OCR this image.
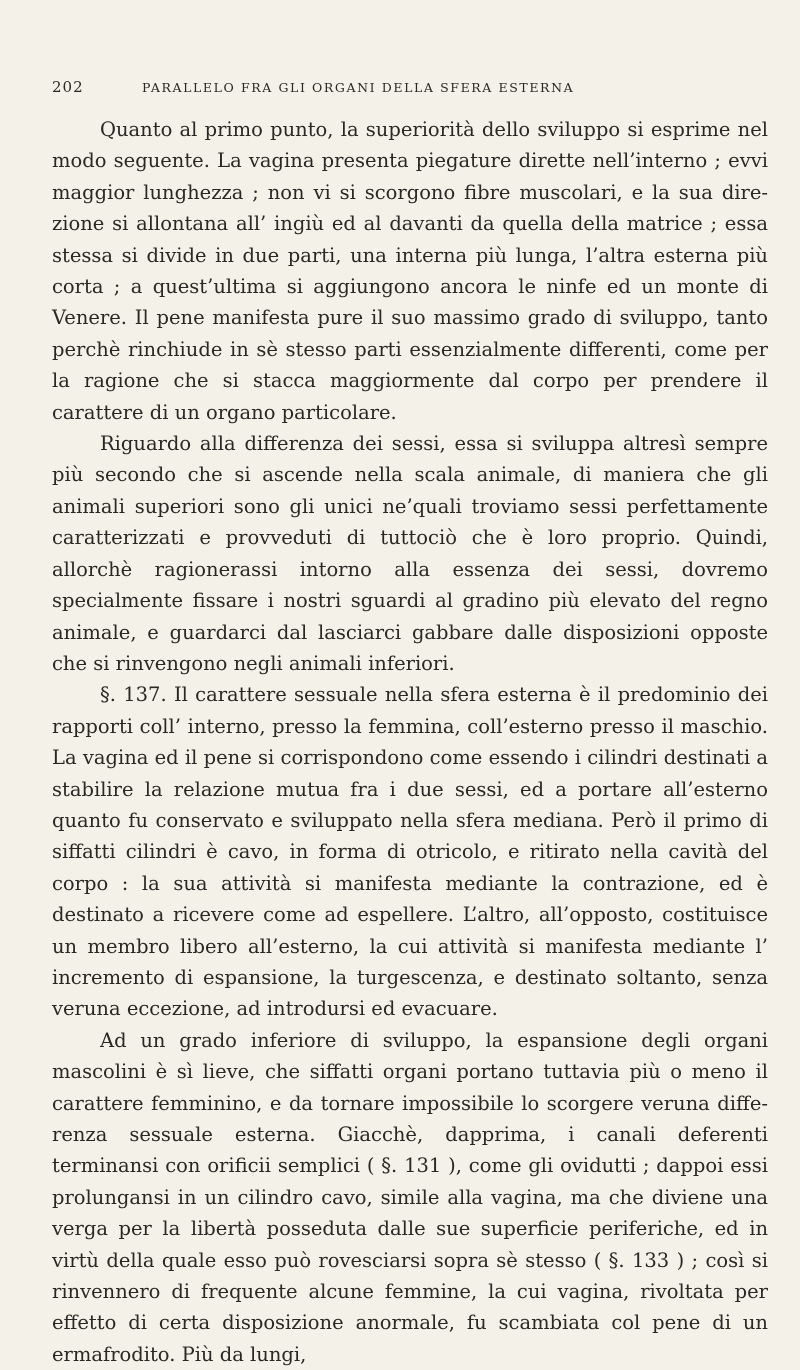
202	PARALLELO FRA GLI ORGANI DELLA SFERA ESTERNA

Quanto al primo punto, la superiorità dello sviluppo si esprime nel modo seguente. La vagina presenta piegature dirette nell’interno ; evvi maggior lunghezza ; non vi si scorgono fibre muscolari, e la sua direzione si allontana all’ ingiù ed al davanti da quella della matrice ; essa stessa si divide in due parti, una interna più lunga, l’altra esterna più corta ; a quest’ultima si aggiungono ancora le ninfe ed un monte di Venere. Il pene manifesta pure il suo massimo grado di sviluppo, tanto perchè rinchiude in sè stesso parti essenzialmente differenti, come per la ragione che si stacca maggiormente dal corpo per prendere il carattere di un organo particolare.

Riguardo alla differenza dei sessi, essa si sviluppa altresì sempre più secondo che si ascende nella scala animale, di maniera che gli animali superiori sono gli unici ne’quali troviamo sessi perfettamente caratterizzati e provveduti di tuttociò che è loro proprio. Quindi, allorchè ragionerassi intorno alla essenza dei sessi, dovremo specialmente fissare i nostri sguardi al gradino più elevato del regno animale, e guardarci dal lasciarci gabbare dalle disposizioni opposte che si rinvengono negli animali inferiori.

§. 137. Il carattere sessuale nella sfera esterna è il predominio dei rapporti coll’ interno, presso la femmina, coll’esterno presso il maschio. La vagina ed il pene si corrispondono come essendo i cilindri destinati a stabilire la relazione mutua fra i due sessi, ed a portare all’esterno quanto fu conservato e sviluppato nella sfera mediana. Però il primo di siffatti cilindri è cavo, in forma di otricolo, e ritirato nella cavità del corpo : la sua attività si manifesta mediante la contrazione, ed è destinato a ricevere come ad espellere. L’altro, all’opposto, costituisce un membro libero all’esterno, la cui attività si manifesta mediante l’ incremento di espansione, la turgescenza, e destinato soltanto, senza veruna eccezione, ad introdursi ed evacuare.

Ad un grado inferiore di sviluppo, la espansione degli organi mascolini è sì lieve, che siffatti organi portano tuttavia più o meno il carattere femminino, e da tornare impossibile lo scorgere veruna differenza sessuale esterna. Giacchè, dapprima, i canali deferenti terminansi con orificii semplici ( §. 131 ), come gli ovidutti ; dappoi essi prolungansi in un cilindro cavo, simile alla vagina, ma che diviene una verga per la libertà posseduta dalle sue superficie periferiche, ed in virtù della quale esso può rovesciarsi sopra sè stesso ( §. 133 ) ; così si rinvennero di frequente alcune femmine, la cui vagina, rivoltata per effetto di certa disposizione anormale, fu scambiata col pene di un ermafrodito. Più da lungi,
